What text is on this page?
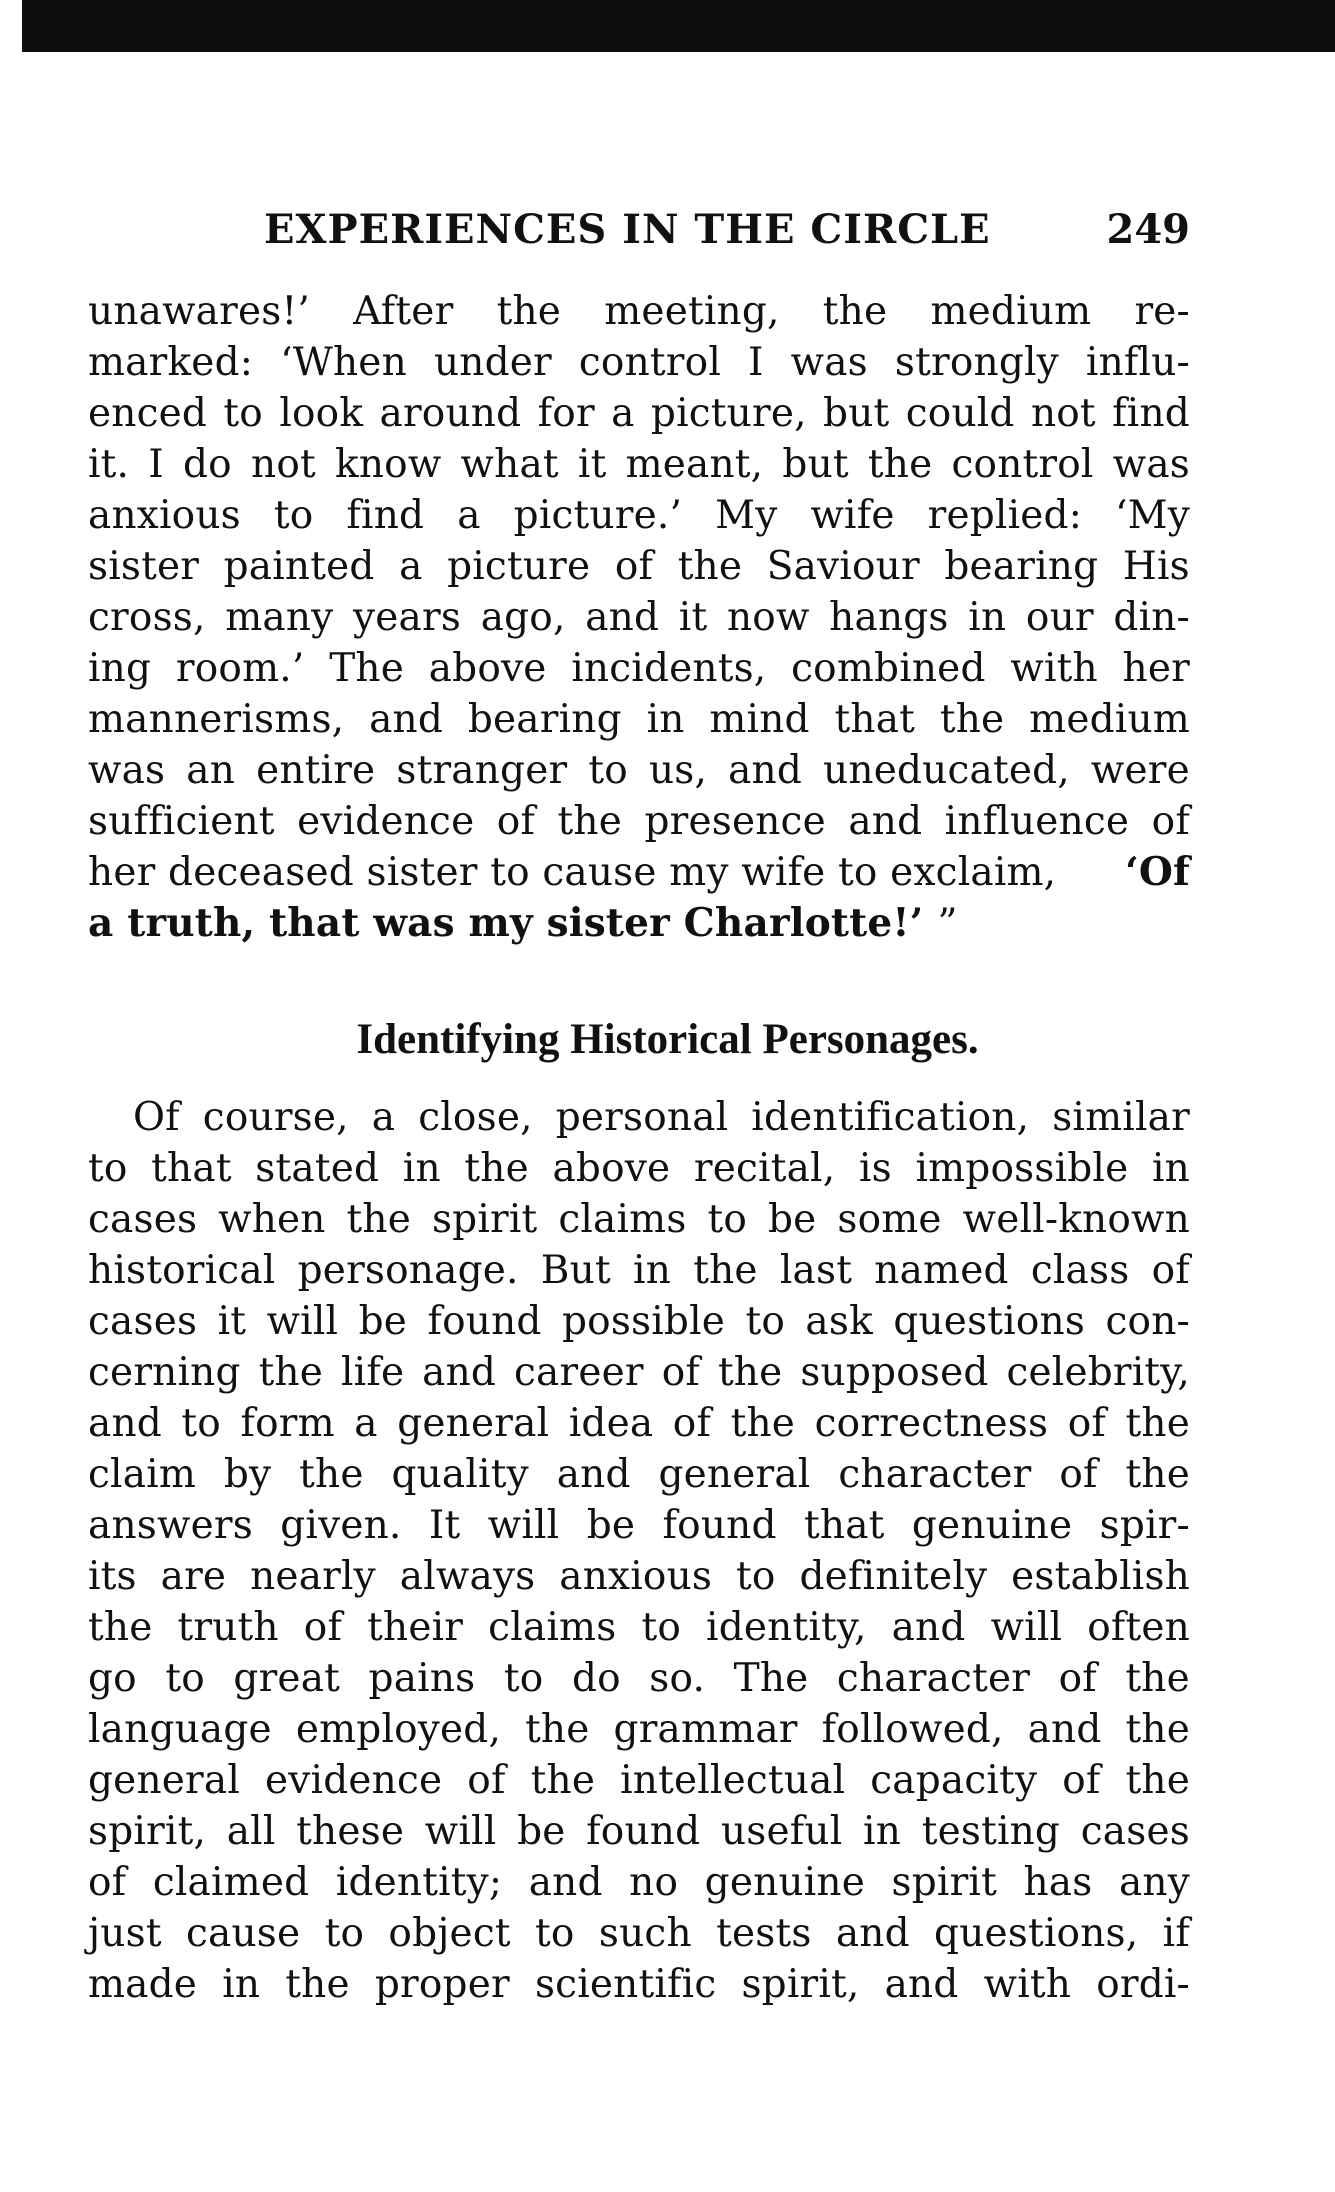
EXPERIENCES IN THE CIRCLE	249
unawares!’ After the meeting, the medium re-
marked: ‘When under control I was strongly influ-
enced to look around for a picture, but could not find
it. I do not know what it meant, but the control was
anxious to find a picture.’ My wife replied: ‘My
sister painted a picture of the Saviour bearing His
cross, many years ago, and it now hangs in our din-
ing room.’ The above incidents, combined with her
mannerisms, and bearing in mind that the medium
was an entire stranger to us, and uneducated, were
sufficient evidence of the presence and influence of
her deceased sister to cause my wife to exclaim, ‘Of
a truth, that was my sister Charlotte!’ ”
Identifying Historical Personages.
Of course, a close, personal identification, similar
to that stated in the above recital, is impossible in
cases when the spirit claims to be some well-known
historical personage. But in the last named class of
cases it will be found possible to ask questions con-
cerning the life and career of the supposed celebrity,
and to form a general idea of the correctness of the
claim by the quality and general character of the
answers given. It will be found that genuine spir-
its are nearly always anxious to definitely establish
the truth of their claims to identity, and will often
go to great pains to do so. The character of the
language employed, the grammar followed, and the
general evidence of the intellectual capacity of the
spirit, all these will be found useful in testing cases
of claimed identity; and no genuine spirit has any
just cause to object to such tests and questions, if
made in the proper scientific spirit, and with ordi-
